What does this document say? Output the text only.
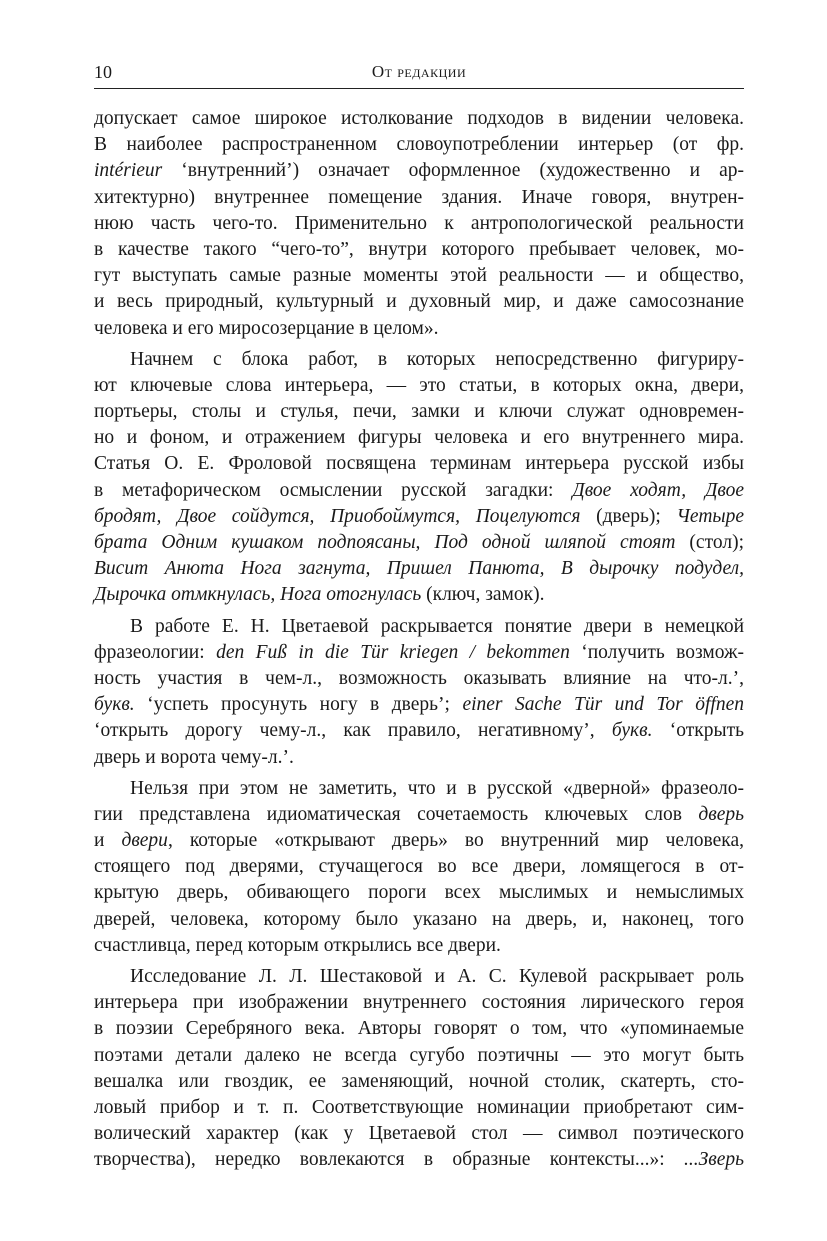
10	От редакции
допускает самое широкое истолкование подходов в видении человека.
В наиболее распространенном словоупотреблении интерьер (от фр.
intérieur ‘внутренний’) означает оформленное (художественно и ар-
хитектурно) внутреннее помещение здания. Иначе говоря, внутрен-
нюю часть чего-то. Применительно к антропологической реальности
в качестве такого “чего-то”, внутри которого пребывает человек, мо-
гут выступать самые разные моменты этой реальности — и общество,
и весь природный, культурный и духовный мир, и даже самосознание
человека и его миросозерцание в целом».
Начнем с блока работ, в которых непосредственно фигуриру-
ют ключевые слова интерьера, — это статьи, в которых окна, двери,
портьеры, столы и стулья, печи, замки и ключи служат одновремен-
но и фоном, и отражением фигуры человека и его внутреннего мира.
Статья О. Е. Фроловой посвящена терминам интерьера русской избы
в метафорическом осмыслении русской загадки: Двое ходят, Двое
бродят, Двое сойдутся, Приобоймутся, Поцелуются (дверь); Четыре
брата Одним кушаком подпоясаны, Под одной шляпой стоят (стол);
Висит Анюта Нога загнута, Пришел Панюта, В дырочку подудел,
Дырочка отмкнулась, Нога отогнулась (ключ, замок).
В работе Е. Н. Цветаевой раскрывается понятие двери в немецкой
фразеологии: den Fuß in die Tür kriegen / bekommen ‘получить возмож-
ность участия в чем-л., возможность оказывать влияние на что-л.’,
букв. ‘успеть просунуть ногу в дверь’; einer Sache Tür und Tor öffnen
‘открыть дорогу чему-л., как правило, негативному’, букв. ‘открыть
дверь и ворота чему-л.’.
Нельзя при этом не заметить, что и в русской «дверной» фразеоло-
гии представлена идиоматическая сочетаемость ключевых слов дверь
и двери, которые «открывают дверь» во внутренний мир человека,
стоящего под дверями, стучащегося во все двери, ломящегося в от-
крытую дверь, обивающего пороги всех мыслимых и немыслимых
дверей, человека, которому было указано на дверь, и, наконец, того
счастливца, перед которым открылись все двери.
Исследование Л. Л. Шестаковой и А. С. Кулевой раскрывает роль
интерьера при изображении внутреннего состояния лирического героя
в поэзии Серебряного века. Авторы говорят о том, что «упоминаемые
поэтами детали далеко не всегда сугубо поэтичны — это могут быть
вешалка или гвоздик, ее заменяющий, ночной столик, скатерть, сто-
ловый прибор и т. п. Соответствующие номинации приобретают сим-
волический характер (как у Цветаевой стол — символ поэтического
творчества), нередко вовлекаются в образные контексты...»: ...Зверь
